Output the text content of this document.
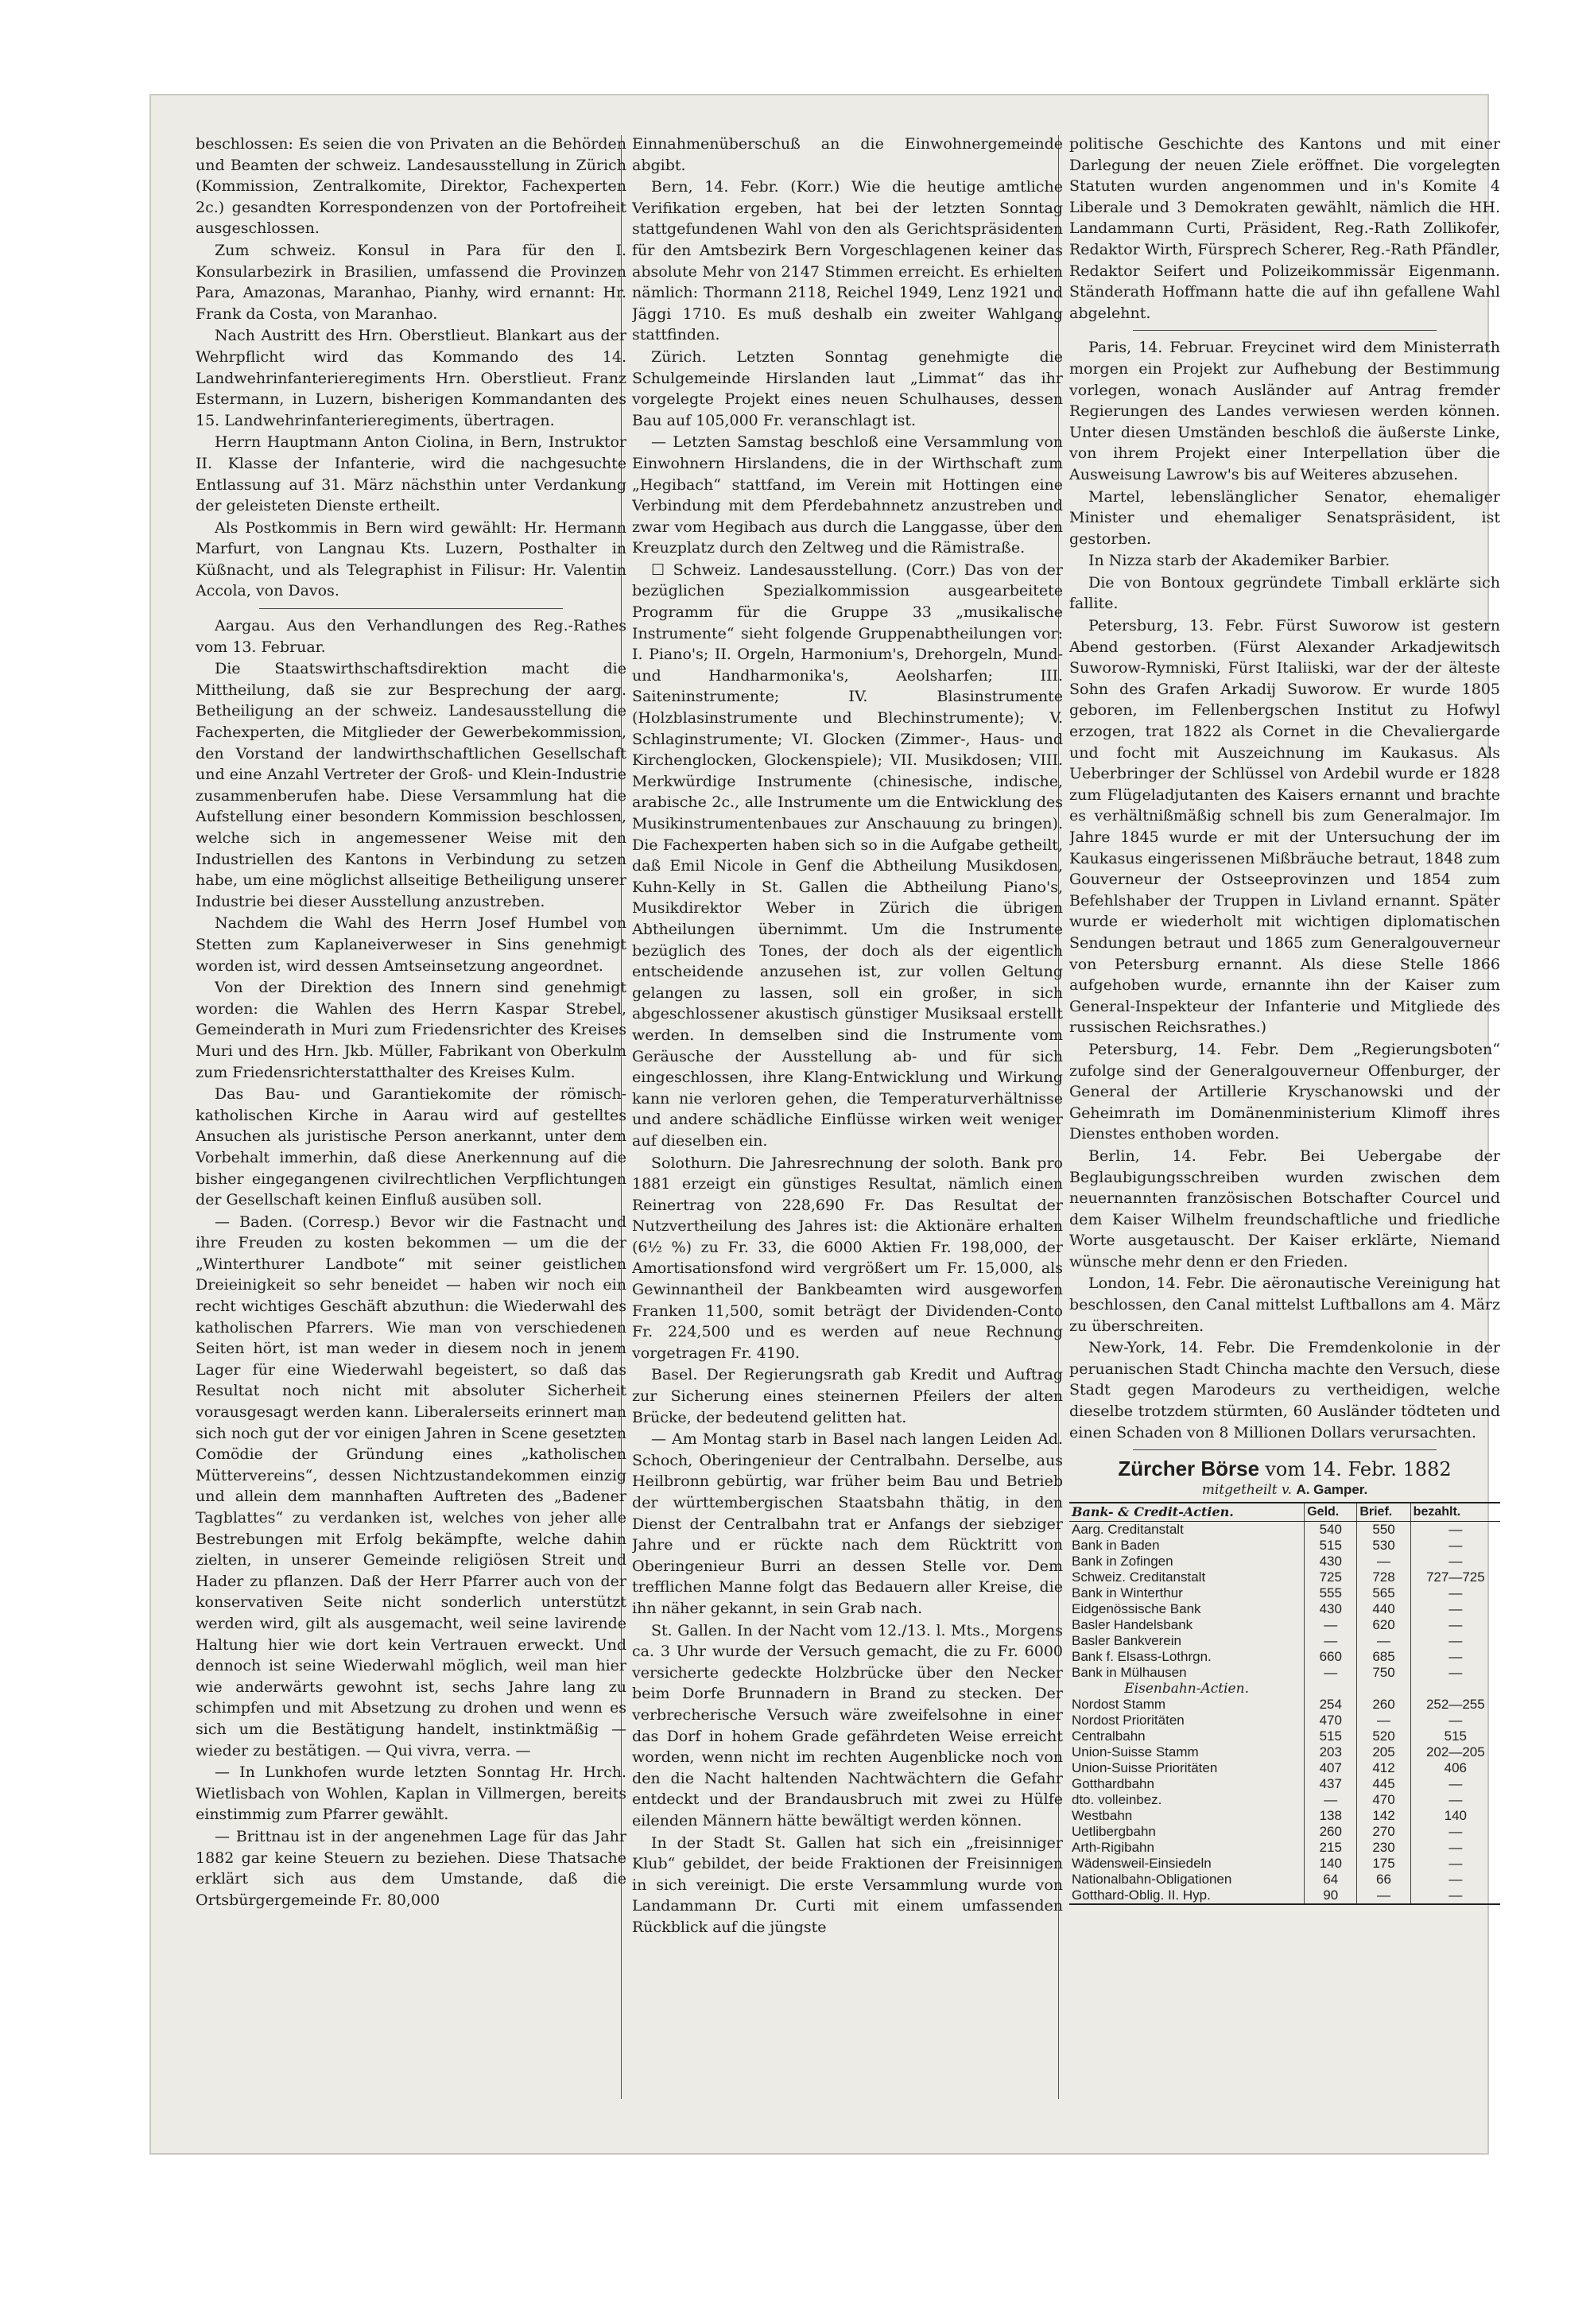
beschlossen: Es seien die von Privaten an die Behörden und Beamten der schweiz. Landesausstellung in Zürich (Kommission, Zentralkomite, Direktor, Fachexperten 2c.) gesandten Korrespondenzen von der Portofreiheit ausgeschlossen.

Zum schweiz. Konsul in Para für den I. Konsularbezirk in Brasilien, umfassend die Provinzen Para, Amazonas, Maranhao, Pianhy, wird ernannt: Hr. Frank da Costa, von Maranhao.

Nach Austritt des Hrn. Oberstlieut. Blankart aus der Wehrpflicht wird das Kommando des 14. Landwehrinfanterieregiments Hrn. Oberstlieut. Franz Estermann, in Luzern, bisherigen Kommandanten des 15. Landwehrinfanterieregiments, übertragen.

Herrn Hauptmann Anton Ciolina, in Bern, Instruktor II. Klasse der Infanterie, wird die nachgesuchte Entlassung auf 31. März nächsthin unter Verdankung der geleisteten Dienste ertheilt.

Als Postkommis in Bern wird gewählt: Hr. Hermann Marfurt, von Langnau Kts. Luzern, Posthalter in Küßnacht, und als Telegraphist in Filisur: Hr. Valentin Accola, von Davos.

Aargau. Aus den Verhandlungen des Reg.-Rathes vom 13. Februar.

Die Staatswirthschaftsdirektion macht die Mittheilung, daß sie zur Besprechung der aarg. Betheiligung an der schweiz. Landesausstellung die Fachexperten, die Mitglieder der Gewerbekommission, den Vorstand der landwirthschaftlichen Gesellschaft und eine Anzahl Vertreter der Groß- und Klein-Industrie zusammenberufen habe. Diese Versammlung hat die Aufstellung einer besondern Kommission beschlossen, welche sich in angemessener Weise mit den Industriellen des Kantons in Verbindung zu setzen habe, um eine möglichst allseitige Betheiligung unserer Industrie bei dieser Ausstellung anzustreben.

Nachdem die Wahl des Herrn Josef Humbel von Stetten zum Kaplaneiverweser in Sins genehmigt worden ist, wird dessen Amtseinsetzung angeordnet.

Von der Direktion des Innern sind genehmigt worden: die Wahlen des Herrn Kaspar Strebel, Gemeinderath in Muri zum Friedensrichter des Kreises Muri und des Hrn. Jkb. Müller, Fabrikant von Oberkulm zum Friedensrichterstatthalter des Kreises Kulm.

Das Bau- und Garantiekomite der römisch-katholischen Kirche in Aarau wird auf gestelltes Ansuchen als juristische Person anerkannt, unter dem Vorbehalt immerhin, daß diese Anerkennung auf die bisher eingegangenen civilrechtlichen Verpflichtungen der Gesellschaft keinen Einfluß ausüben soll.

— Baden. (Corresp.) Bevor wir die Fastnacht und ihre Freuden zu kosten bekommen — um die der „Winterthurer Landbote“ mit seiner geistlichen Dreieinigkeit so sehr beneidet — haben wir noch ein recht wichtiges Geschäft abzuthun: die Wiederwahl des katholischen Pfarrers. Wie man von verschiedenen Seiten hört, ist man weder in diesem noch in jenem Lager für eine Wiederwahl begeistert, so daß das Resultat noch nicht mit absoluter Sicherheit vorausgesagt werden kann. Liberalerseits erinnert man sich noch gut der vor einigen Jahren in Scene gesetzten Comödie der Gründung eines „katholischen Müttervereins“, dessen Nichtzustandekommen einzig und allein dem mannhaften Auftreten des „Badener Tagblattes“ zu verdanken ist, welches von jeher alle Bestrebungen mit Erfolg bekämpfte, welche dahin zielten, in unserer Gemeinde religiösen Streit und Hader zu pflanzen. Daß der Herr Pfarrer auch von der konservativen Seite nicht sonderlich unterstützt werden wird, gilt als ausgemacht, weil seine lavirende Haltung hier wie dort kein Vertrauen erweckt. Und dennoch ist seine Wiederwahl möglich, weil man hier wie anderwärts gewohnt ist, sechs Jahre lang zu schimpfen und mit Absetzung zu drohen und wenn es sich um die Bestätigung handelt, instinktmäßig — wieder zu bestätigen. — Qui vivra, verra. —

— In Lunkhofen wurde letzten Sonntag Hr. Hrch. Wietlisbach von Wohlen, Kaplan in Villmergen, bereits einstimmig zum Pfarrer gewählt.

— Brittnau ist in der angenehmen Lage für das Jahr 1882 gar keine Steuern zu beziehen. Diese Thatsache erklärt sich aus dem Umstande, daß die Ortsbürgergemeinde Fr. 80,000

Einnahmenüberschuß an die Einwohnergemeinde abgibt.

Bern, 14. Febr. (Korr.) Wie die heutige amtliche Verifikation ergeben, hat bei der letzten Sonntag stattgefundenen Wahl von den als Gerichtspräsidenten für den Amtsbezirk Bern Vorgeschlagenen keiner das absolute Mehr von 2147 Stimmen erreicht. Es erhielten nämlich: Thormann 2118, Reichel 1949, Lenz 1921 und Jäggi 1710. Es muß deshalb ein zweiter Wahlgang stattfinden.

Zürich. Letzten Sonntag genehmigte die Schulgemeinde Hirslanden laut „Limmat“ das ihr vorgelegte Projekt eines neuen Schulhauses, dessen Bau auf 105,000 Fr. veranschlagt ist.

— Letzten Samstag beschloß eine Versammlung von Einwohnern Hirslandens, die in der Wirthschaft zum „Hegibach“ stattfand, im Verein mit Hottingen eine Verbindung mit dem Pferdebahnnetz anzustreben und zwar vom Hegibach aus durch die Langgasse, über den Kreuzplatz durch den Zeltweg und die Rämistraße.

☐ Schweiz. Landesausstellung. (Corr.) Das von der bezüglichen Spezialkommission ausgearbeitete Programm für die Gruppe 33 „musikalische Instrumente“ sieht folgende Gruppenabtheilungen vor: I. Piano's; II. Orgeln, Harmonium's, Drehorgeln, Mund- und Handharmonika's, Aeolsharfen; III. Saiteninstrumente; IV. Blasinstrumente (Holzblasinstrumente und Blechinstrumente); V. Schlaginstrumente; VI. Glocken (Zimmer-, Haus- und Kirchenglocken, Glockenspiele); VII. Musikdosen; VIII. Merkwürdige Instrumente (chinesische, indische, arabische 2c., alle Instrumente um die Entwicklung des Musikinstrumentenbaues zur Anschauung zu bringen). Die Fachexperten haben sich so in die Aufgabe getheilt, daß Emil Nicole in Genf die Abtheilung Musikdosen, Kuhn-Kelly in St. Gallen die Abtheilung Piano's, Musikdirektor Weber in Zürich die übrigen Abtheilungen übernimmt. Um die Instrumente bezüglich des Tones, der doch als der eigentlich entscheidende anzusehen ist, zur vollen Geltung gelangen zu lassen, soll ein großer, in sich abgeschlossener akustisch günstiger Musiksaal erstellt werden. In demselben sind die Instrumente vom Geräusche der Ausstellung ab- und für sich eingeschlossen, ihre Klang-Entwicklung und Wirkung kann nie verloren gehen, die Temperaturverhältnisse und andere schädliche Einflüsse wirken weit weniger auf dieselben ein.

Solothurn. Die Jahresrechnung der soloth. Bank pro 1881 erzeigt ein günstiges Resultat, nämlich einen Reinertrag von 228,690 Fr. Das Resultat der Nutzvertheilung des Jahres ist: die Aktionäre erhalten (6½ %) zu Fr. 33, die 6000 Aktien Fr. 198,000, der Amortisationsfond wird vergrößert um Fr. 15,000, als Gewinnantheil der Bankbeamten wird ausgeworfen Franken 11,500, somit beträgt der Dividenden-Conto Fr. 224,500 und es werden auf neue Rechnung vorgetragen Fr. 4190.

Basel. Der Regierungsrath gab Kredit und Auftrag zur Sicherung eines steinernen Pfeilers der alten Brücke, der bedeutend gelitten hat.

— Am Montag starb in Basel nach langen Leiden Ad. Schoch, Oberingenieur der Centralbahn. Derselbe, aus Heilbronn gebürtig, war früher beim Bau und Betrieb der württembergischen Staatsbahn thätig, in den Dienst der Centralbahn trat er Anfangs der siebziger Jahre und er rückte nach dem Rücktritt von Oberingenieur Burri an dessen Stelle vor. Dem trefflichen Manne folgt das Bedauern aller Kreise, die ihn näher gekannt, in sein Grab nach.

St. Gallen. In der Nacht vom 12./13. l. Mts., Morgens ca. 3 Uhr wurde der Versuch gemacht, die zu Fr. 6000 versicherte gedeckte Holzbrücke über den Necker beim Dorfe Brunnadern in Brand zu stecken. Der verbrecherische Versuch wäre zweifelsohne in einer das Dorf in hohem Grade gefährdeten Weise erreicht worden, wenn nicht im rechten Augenblicke noch von den die Nacht haltenden Nachtwächtern die Gefahr entdeckt und der Brandausbruch mit zwei zu Hülfe eilenden Männern hätte bewältigt werden können.

In der Stadt St. Gallen hat sich ein „freisinniger Klub“ gebildet, der beide Fraktionen der Freisinnigen in sich vereinigt. Die erste Versammlung wurde von Landammann Dr. Curti mit einem umfassenden Rückblick auf die jüngste

politische Geschichte des Kantons und mit einer Darlegung der neuen Ziele eröffnet. Die vorgelegten Statuten wurden angenommen und in's Komite 4 Liberale und 3 Demokraten gewählt, nämlich die HH. Landammann Curti, Präsident, Reg.-Rath Zollikofer, Redaktor Wirth, Fürsprech Scherer, Reg.-Rath Pfändler, Redaktor Seifert und Polizeikommissär Eigenmann. Ständerath Hoffmann hatte die auf ihn gefallene Wahl abgelehnt.

Paris, 14. Februar. Freycinet wird dem Ministerrath morgen ein Projekt zur Aufhebung der Bestimmung vorlegen, wonach Ausländer auf Antrag fremder Regierungen des Landes verwiesen werden können. Unter diesen Umständen beschloß die äußerste Linke, von ihrem Projekt einer Interpellation über die Ausweisung Lawrow's bis auf Weiteres abzusehen.

Martel, lebenslänglicher Senator, ehemaliger Minister und ehemaliger Senatspräsident, ist gestorben.

In Nizza starb der Akademiker Barbier.

Die von Bontoux gegründete Timball erklärte sich fallite.

Petersburg, 13. Febr. Fürst Suworow ist gestern Abend gestorben. (Fürst Alexander Arkadjewitsch Suworow-Rymniski, Fürst Italiiski, war der der älteste Sohn des Grafen Arkadij Suworow. Er wurde 1805 geboren, im Fellenbergschen Institut zu Hofwyl erzogen, trat 1822 als Cornet in die Chevaliergarde und focht mit Auszeichnung im Kaukasus. Als Ueberbringer der Schlüssel von Ardebil wurde er 1828 zum Flügeladjutanten des Kaisers ernannt und brachte es verhältnißmäßig schnell bis zum Generalmajor. Im Jahre 1845 wurde er mit der Untersuchung der im Kaukasus eingerissenen Mißbräuche betraut, 1848 zum Gouverneur der Ostseeprovinzen und 1854 zum Befehlshaber der Truppen in Livland ernannt. Später wurde er wiederholt mit wichtigen diplomatischen Sendungen betraut und 1865 zum Generalgouverneur von Petersburg ernannt. Als diese Stelle 1866 aufgehoben wurde, ernannte ihn der Kaiser zum General-Inspekteur der Infanterie und Mitgliede des russischen Reichsrathes.)

Petersburg, 14. Febr. Dem „Regierungsboten“ zufolge sind der Generalgouverneur Offenburger, der General der Artillerie Kryschanowski und der Geheimrath im Domänenministerium Klimoff ihres Dienstes enthoben worden.

Berlin, 14. Febr. Bei Uebergabe der Beglaubigungsschreiben wurden zwischen dem neuernannten französischen Botschafter Courcel und dem Kaiser Wilhelm freundschaftliche und friedliche Worte ausgetauscht. Der Kaiser erklärte, Niemand wünsche mehr denn er den Frieden.

London, 14. Febr. Die aëronautische Vereinigung hat beschlossen, den Canal mittelst Luftballons am 4. März zu überschreiten.

New-York, 14. Febr. Die Fremdenkolonie in der peruanischen Stadt Chincha machte den Versuch, diese Stadt gegen Marodeurs zu vertheidigen, welche dieselbe trotzdem stürmten, 60 Ausländer tödteten und einen Schaden von 8 Millionen Dollars verursachten.

Zürcher Börse vom 14. Febr. 1882
mitgetheilt v. A. Gamper.
Bank- & Credit-Actien.	Geld.	Brief.	bezahlt.
Aarg. Creditanstalt	540	550	—
Bank in Baden	515	530	—
Bank in Zofingen	430	—	—
Schweiz. Creditanstalt	725	728	727—725
Bank in Winterthur	555	565	—
Eidgenössische Bank	430	440	—
Basler Handelsbank	—	620	—
Basler Bankverein	—	—	—
Bank f. Elsass-Lothrgn.	660	685	—
Bank in Mülhausen	—	750	—
Eisenbahn-Actien.			
Nordost Stamm	254	260	252—255
Nordost Prioritäten	470	—	—
Centralbahn	515	520	515
Union-Suisse Stamm	203	205	202—205
Union-Suisse Prioritäten	407	412	406
Gotthardbahn	437	445	—
dto. volleinbez.	—	470	—
Westbahn	138	142	140
Uetlibergbahn	260	270	—
Arth-Rigibahn	215	230	—
Wädensweil-Einsiedeln	140	175	—
Nationalbahn-Obligationen	64	66	—
Gotthard-Oblig. II. Hyp.	90	—	—
